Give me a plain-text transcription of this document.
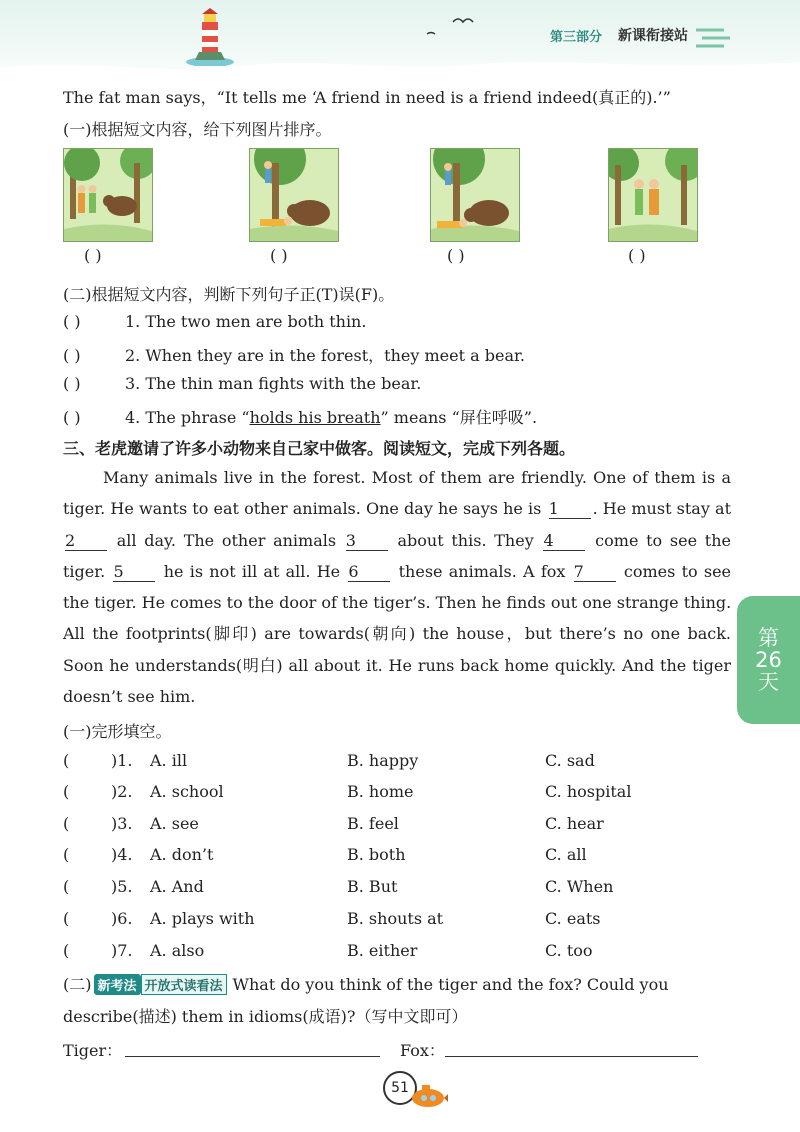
第三部分 新课衔接站
第
26
天
The fat man says，“It tells me ‘A friend in need is a friend indeed(真正的).’”
(一)根据短文内容，给下列图片排序。
( )	( )	( )	( )
(二)根据短文内容，判断下列句子正(T)误(F)。
( )	1. The two men are both thin.
( )	2. When they are in the forest，they meet a bear.
( )	3. The thin man fights with the bear.
( )	4. The phrase “holds his breath” means “屏住呼吸”.
三、老虎邀请了许多小动物来自己家中做客。阅读短文，完成下列各题。
Many animals live in the forest. Most of them are friendly. One of them is a
tiger. He wants to eat other animals. One day he says he is 1 . He must stay at
2	all day. The other animals 3	about this. They 4	come to see the
tiger. 5	he is not ill at all. He 6	these animals. A fox 7	comes to see
the tiger. He comes to the door of the tiger’s. Then he finds out one strange thing.
All the footprints(脚印) are towards(朝向) the house，but there’s no one back.
Soon he understands(明白) all about it. He runs back home quickly. And the tiger
doesn’t see him.
(一)完形填空。
(	)1. A. ill	B. happy	C. sad
(	)2. A. school	B. home	C. hospital
(	)3. A. see	B. feel	C. hear
(	)4. A. don’t	B. both	C. all
(	)5. A. And	B. But	C. When
(	)6. A. plays with	B. shouts at	C. eats
(	)7. A. also	B. either	C. too
(二) 新考法 开放式读看法 What do you think of the tiger and the fox? Could you
describe(描述) them in idioms(成语)?（写中文即可）
Tiger：	Fox：
51
